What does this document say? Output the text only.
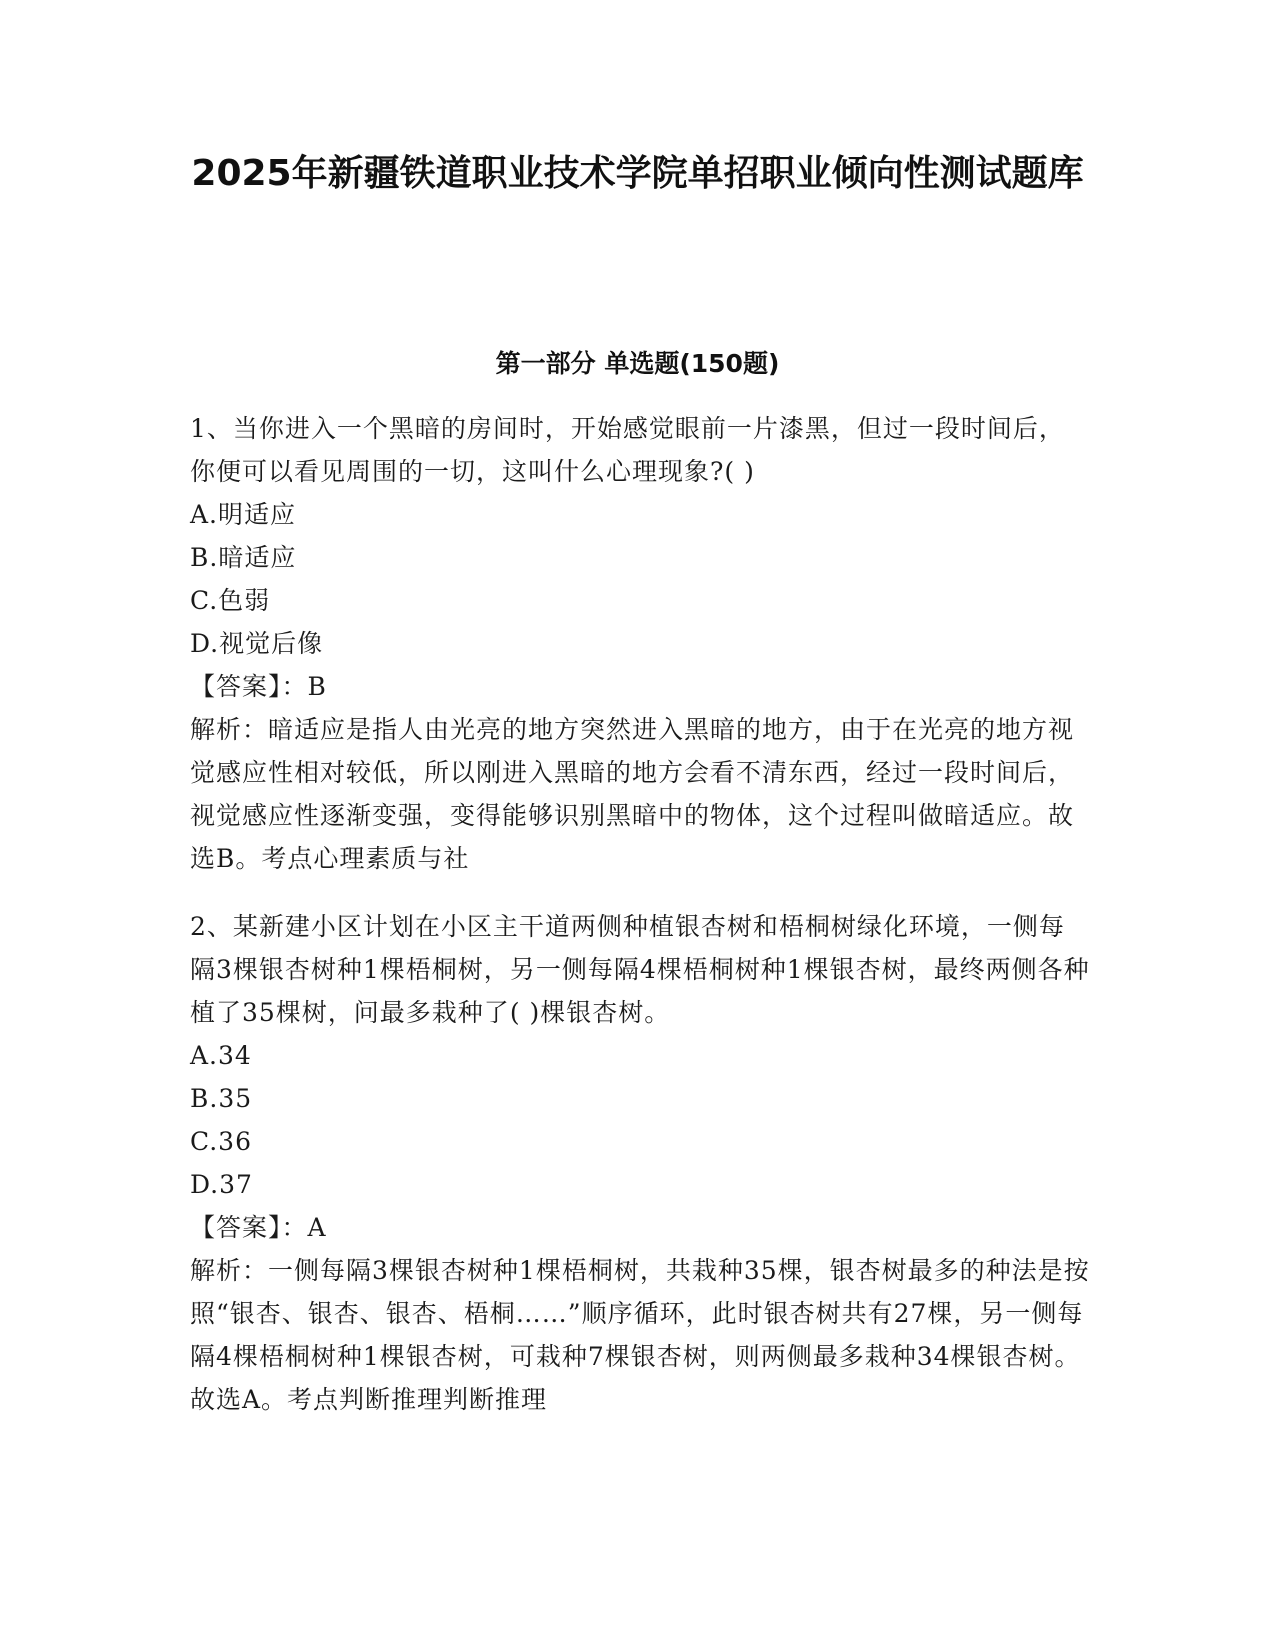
2025年新疆铁道职业技术学院单招职业倾向性测试题库
第一部分 单选题(150题)

1、当你进入一个黑暗的房间时，开始感觉眼前一片漆黑，但过一段时间后，你便可以看见周围的一切，这叫什么心理现象?( )

A.明适应

B.暗适应

C.色弱

D.视觉后像

【答案】：B

解析：暗适应是指人由光亮的地方突然进入黑暗的地方，由于在光亮的地方视觉感应性相对较低，所以刚进入黑暗的地方会看不清东西，经过一段时间后，视觉感应性逐渐变强，变得能够识别黑暗中的物体，这个过程叫做暗适应。故选B。考点心理素质与社

2、某新建小区计划在小区主干道两侧种植银杏树和梧桐树绿化环境，一侧每隔3棵银杏树种1棵梧桐树，另一侧每隔4棵梧桐树种1棵银杏树，最终两侧各种植了35棵树，问最多栽种了( )棵银杏树。

A.34

B.35

C.36

D.37

【答案】：A

解析：一侧每隔3棵银杏树种1棵梧桐树，共栽种35棵，银杏树最多的种法是按照“银杏、银杏、银杏、梧桐……”顺序循环，此时银杏树共有27棵，另一侧每隔4棵梧桐树种1棵银杏树，可栽种7棵银杏树，则两侧最多栽种34棵银杏树。故选A。考点判断推理判断推理
